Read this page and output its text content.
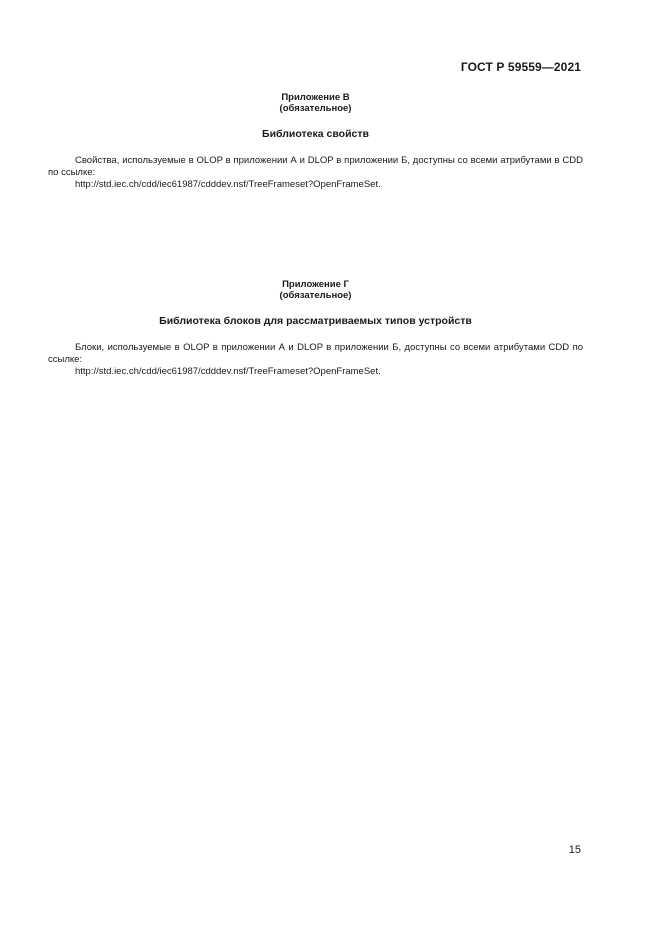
ГОСТ Р 59559—2021
Приложение В
(обязательное)
Библиотека свойств
Свойства, используемые в OLOP в приложении А и DLOP в приложении Б, доступны со всеми атрибутами в CDD по ссылке:
http://std.iec.ch/cdd/iec61987/cdddev.nsf/TreeFrameset?OpenFrameSet.
Приложение Г
(обязательное)
Библиотека блоков для рассматриваемых типов устройств
Блоки, используемые в OLOP в приложении А и DLOP в приложении Б, доступны со всеми атрибутами CDD по ссылке:
http://std.iec.ch/cdd/iec61987/cdddev.nsf/TreeFrameset?OpenFrameSet.
15
